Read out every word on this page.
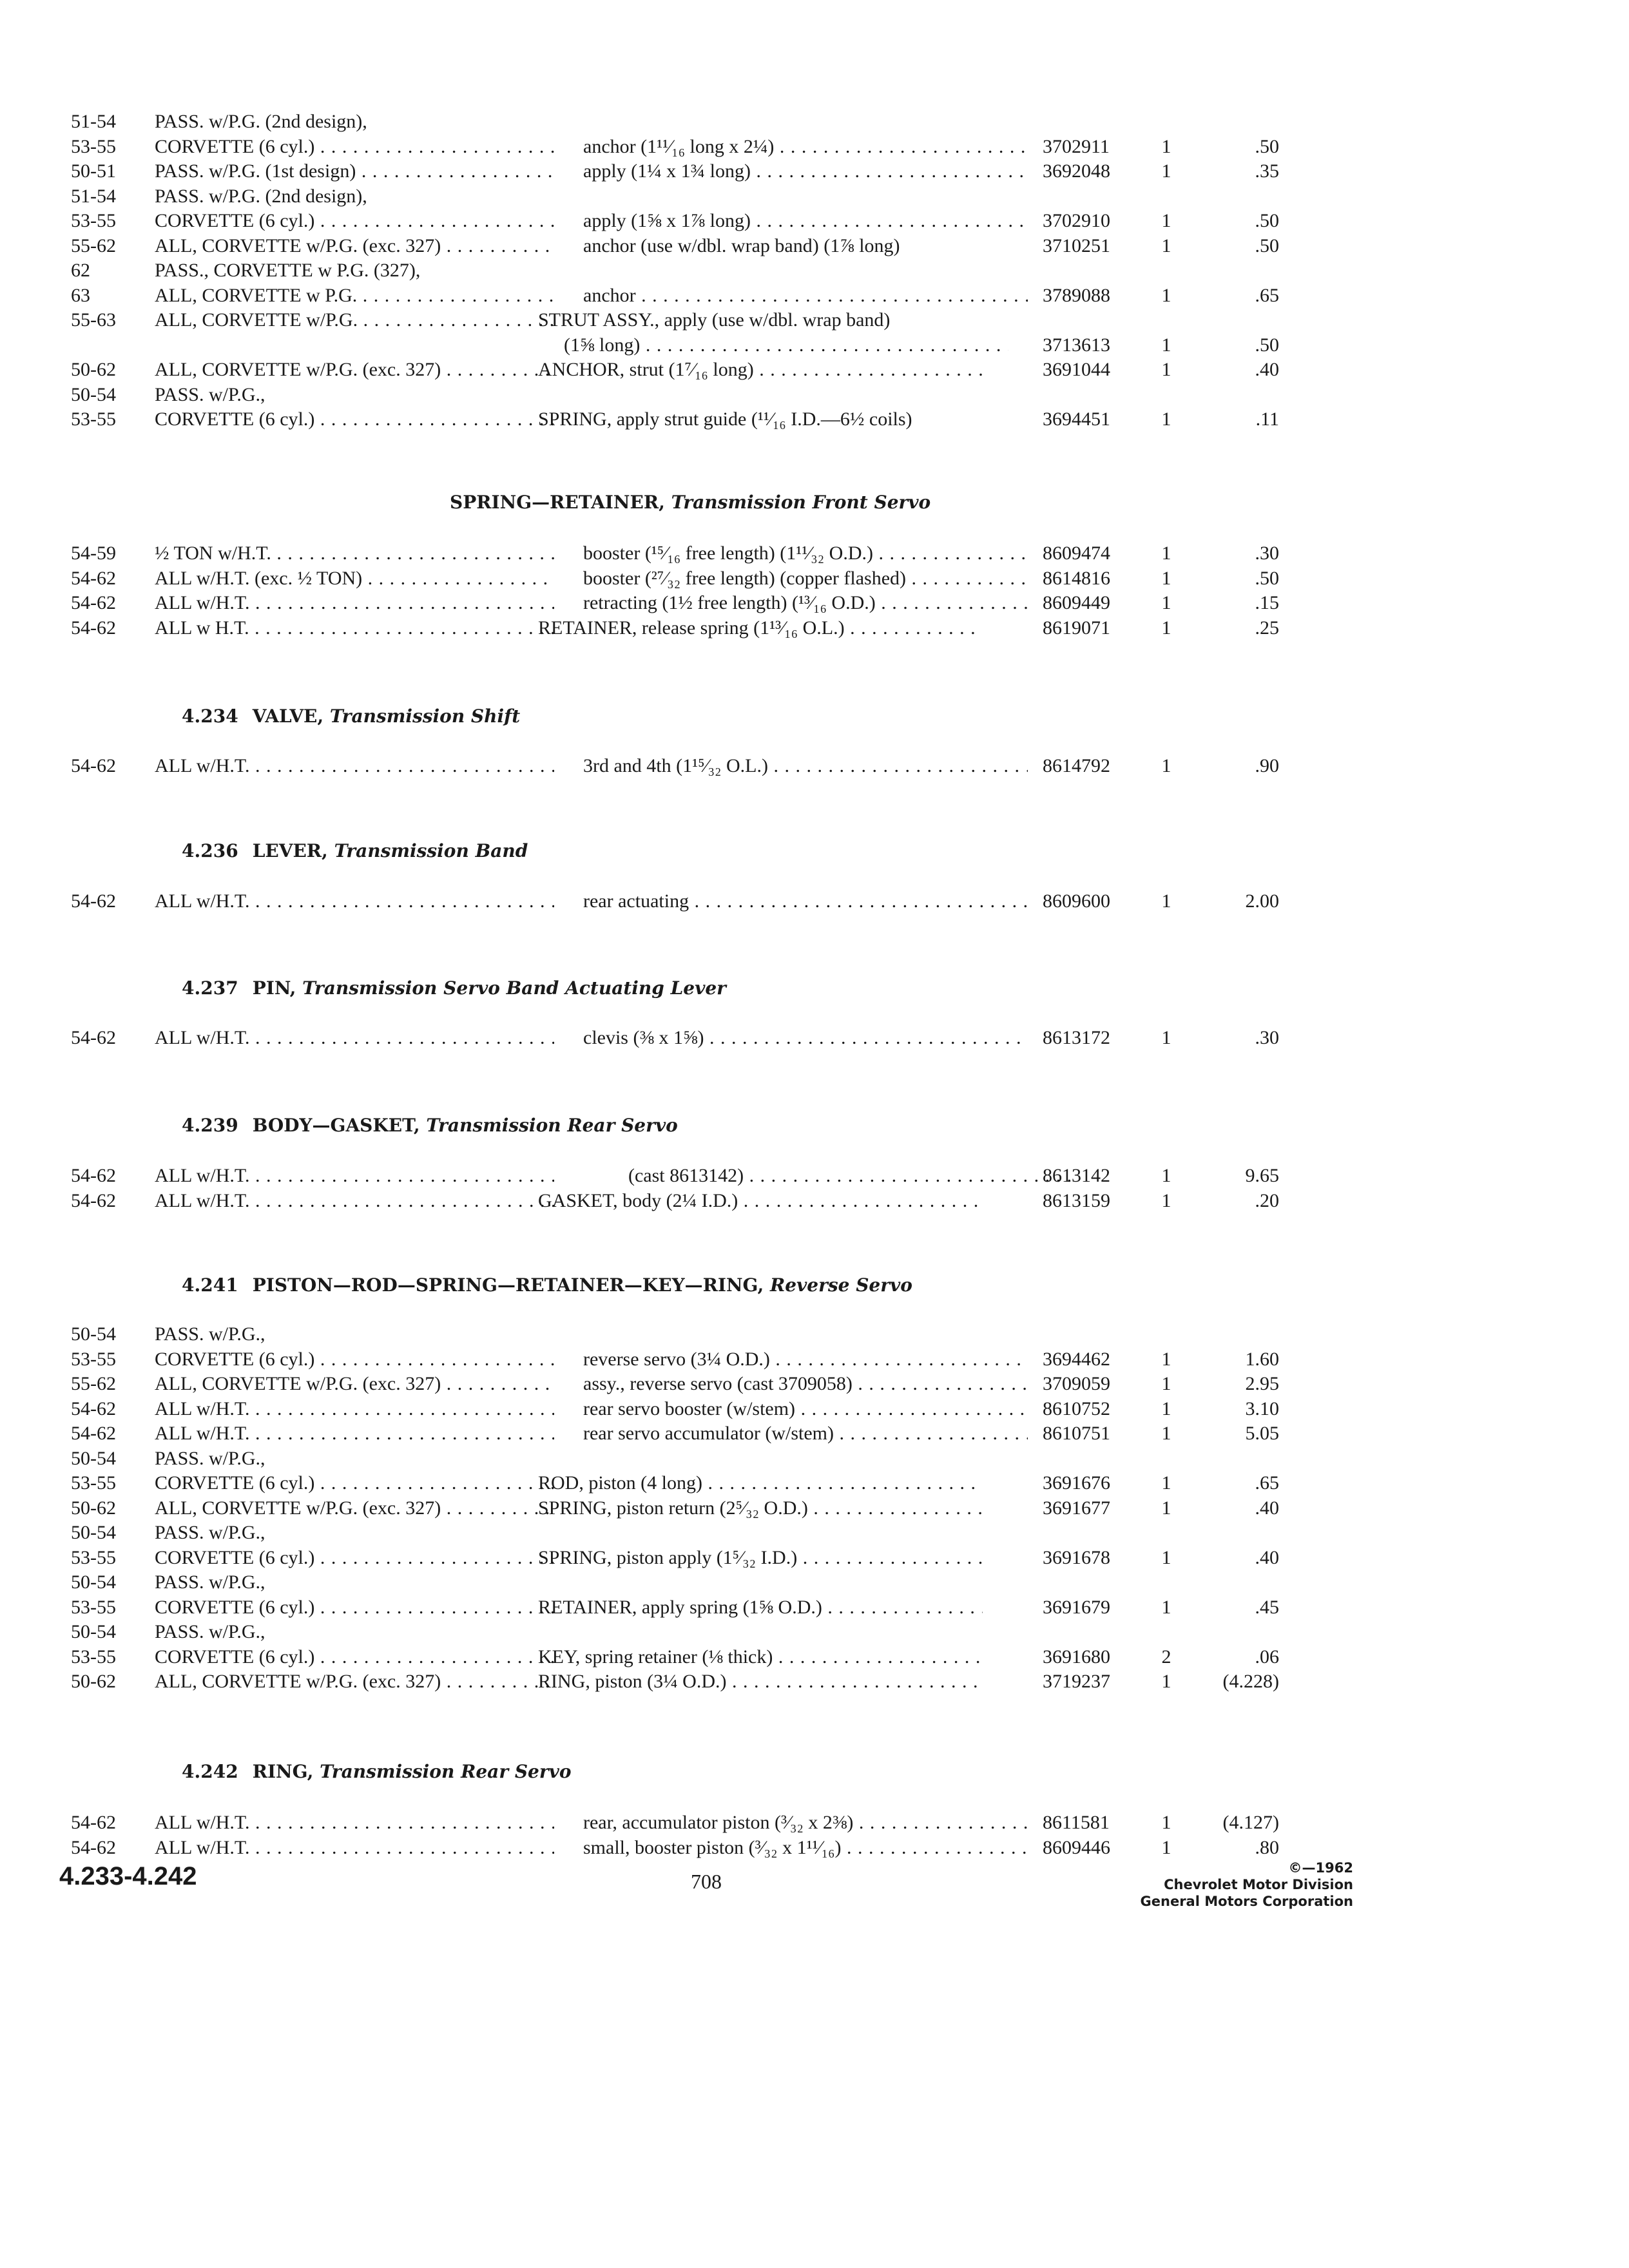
51-54	PASS. w/P.G. (2nd design),
53-55	CORVETTE (6 cyl.) . . .	anchor (1¹¹⁄₁₆ long x 2¼) . . .	3702911	1	.50
50-51	PASS. w/P.G. (1st design) . . .	apply (1¼ x 1¾ long) . . .	3692048	1	.35
51-54	PASS. w/P.G. (2nd design),
53-55	CORVETTE (6 cyl.) . . .	apply (1⅝ x 1⅞ long) . . .	3702910	1	.50
55-62	ALL, CORVETTE w/P.G. (exc. 327) . . .	anchor (use w/dbl. wrap band) (1⅞ long)	3710251	1	.50
62	PASS., CORVETTE w P.G. (327),
63	ALL, CORVETTE w P.G. . . .	anchor . . .	3789088	1	.65
55-63	ALL, CORVETTE w/P.G. . . .	STRUT ASSY., apply (use w/dbl. wrap band)
(1⅝ long) . . .	3713613	1	.50
50-62	ALL, CORVETTE w/P.G. (exc. 327) . . .	ANCHOR, strut (1⁷⁄₁₆ long) . . .	3691044	1	.40
50-54	PASS. w/P.G.,
53-55	CORVETTE (6 cyl.) . . .	SPRING, apply strut guide (¹¹⁄₁₆ I.D.—6½ coils)	3694451	1	.11
SPRING—RETAINER, Transmission Front Servo
54-59	½ TON w/H.T. . . .	booster (¹⁵⁄₁₆ free length) (1¹¹⁄₃₂ O.D.) . . .	8609474	1	.30
54-62	ALL w/H.T. (exc. ½ TON) . . .	booster (²⁷⁄₃₂ free length) (copper flashed) . . .	8614816	1	.50
54-62	ALL w/H.T. . . .	retracting (1½ free length) (¹³⁄₁₆ O.D.) . . .	8609449	1	.15
54-62	ALL w H.T. . . .	RETAINER, release spring (1¹³⁄₁₆ O.L.) . . .	8619071	1	.25
4.234 VALVE, Transmission Shift
54-62	ALL w/H.T. . . .	3rd and 4th (1¹⁵⁄₃₂ O.L.) . . .	8614792	1	.90
4.236 LEVER, Transmission Band
54-62	ALL w/H.T. . . .	rear actuating . . .	8609600	1	2.00
4.237 PIN, Transmission Servo Band Actuating Lever
54-62	ALL w/H.T. . . .	clevis (⅜ x 1⅝) . . .	8613172	1	.30
4.239 BODY—GASKET, Transmission Rear Servo
54-62	ALL w/H.T. . . .	(cast 8613142) . . .	8613142	1	9.65
54-62	ALL w/H.T. . . .	GASKET, body (2¼ I.D.) . . .	8613159	1	.20
4.241 PISTON—ROD—SPRING—RETAINER—KEY—RING, Reverse Servo
50-54	PASS. w/P.G.,
53-55	CORVETTE (6 cyl.) . . .	reverse servo (3¼ O.D.) . . .	3694462	1	1.60
55-62	ALL, CORVETTE w/P.G. (exc. 327) . . .	assy., reverse servo (cast 3709058) . . .	3709059	1	2.95
54-62	ALL w/H.T. . . .	rear servo booster (w/stem) . . .	8610752	1	3.10
54-62	ALL w/H.T. . . .	rear servo accumulator (w/stem) . . .	8610751	1	5.05
50-54	PASS. w/P.G.,
53-55	CORVETTE (6 cyl.) . . .	ROD, piston (4 long) . . .	3691676	1	.65
50-62	ALL, CORVETTE w/P.G. (exc. 327) . . .	SPRING, piston return (2⁵⁄₃₂ O.D.) . . .	3691677	1	.40
50-54	PASS. w/P.G.,
53-55	CORVETTE (6 cyl.) . . .	SPRING, piston apply (1⁵⁄₃₂ I.D.) . . .	3691678	1	.40
50-54	PASS. w/P.G.,
53-55	CORVETTE (6 cyl.) . . .	RETAINER, apply spring (1⅝ O.D.) . . .	3691679	1	.45
50-54	PASS. w/P.G.,
53-55	CORVETTE (6 cyl.) . . .	KEY, spring retainer (⅛ thick) . . .	3691680	2	.06
50-62	ALL, CORVETTE w/P.G. (exc. 327) . . .	RING, piston (3¼ O.D.) . . .	3719237	1	(4.228)
4.242 RING, Transmission Rear Servo
54-62	ALL w/H.T. . . .	rear, accumulator piston (³⁄₃₂ x 2⅜) . . .	8611581	1	(4.127)
54-62	ALL w/H.T. . . .	small, booster piston (³⁄₃₂ x 1¹¹⁄₁₆) . . .	8609446	1	.80
4.233-4.242	708
©—1962
Chevrolet Motor Division
General Motors Corporation
